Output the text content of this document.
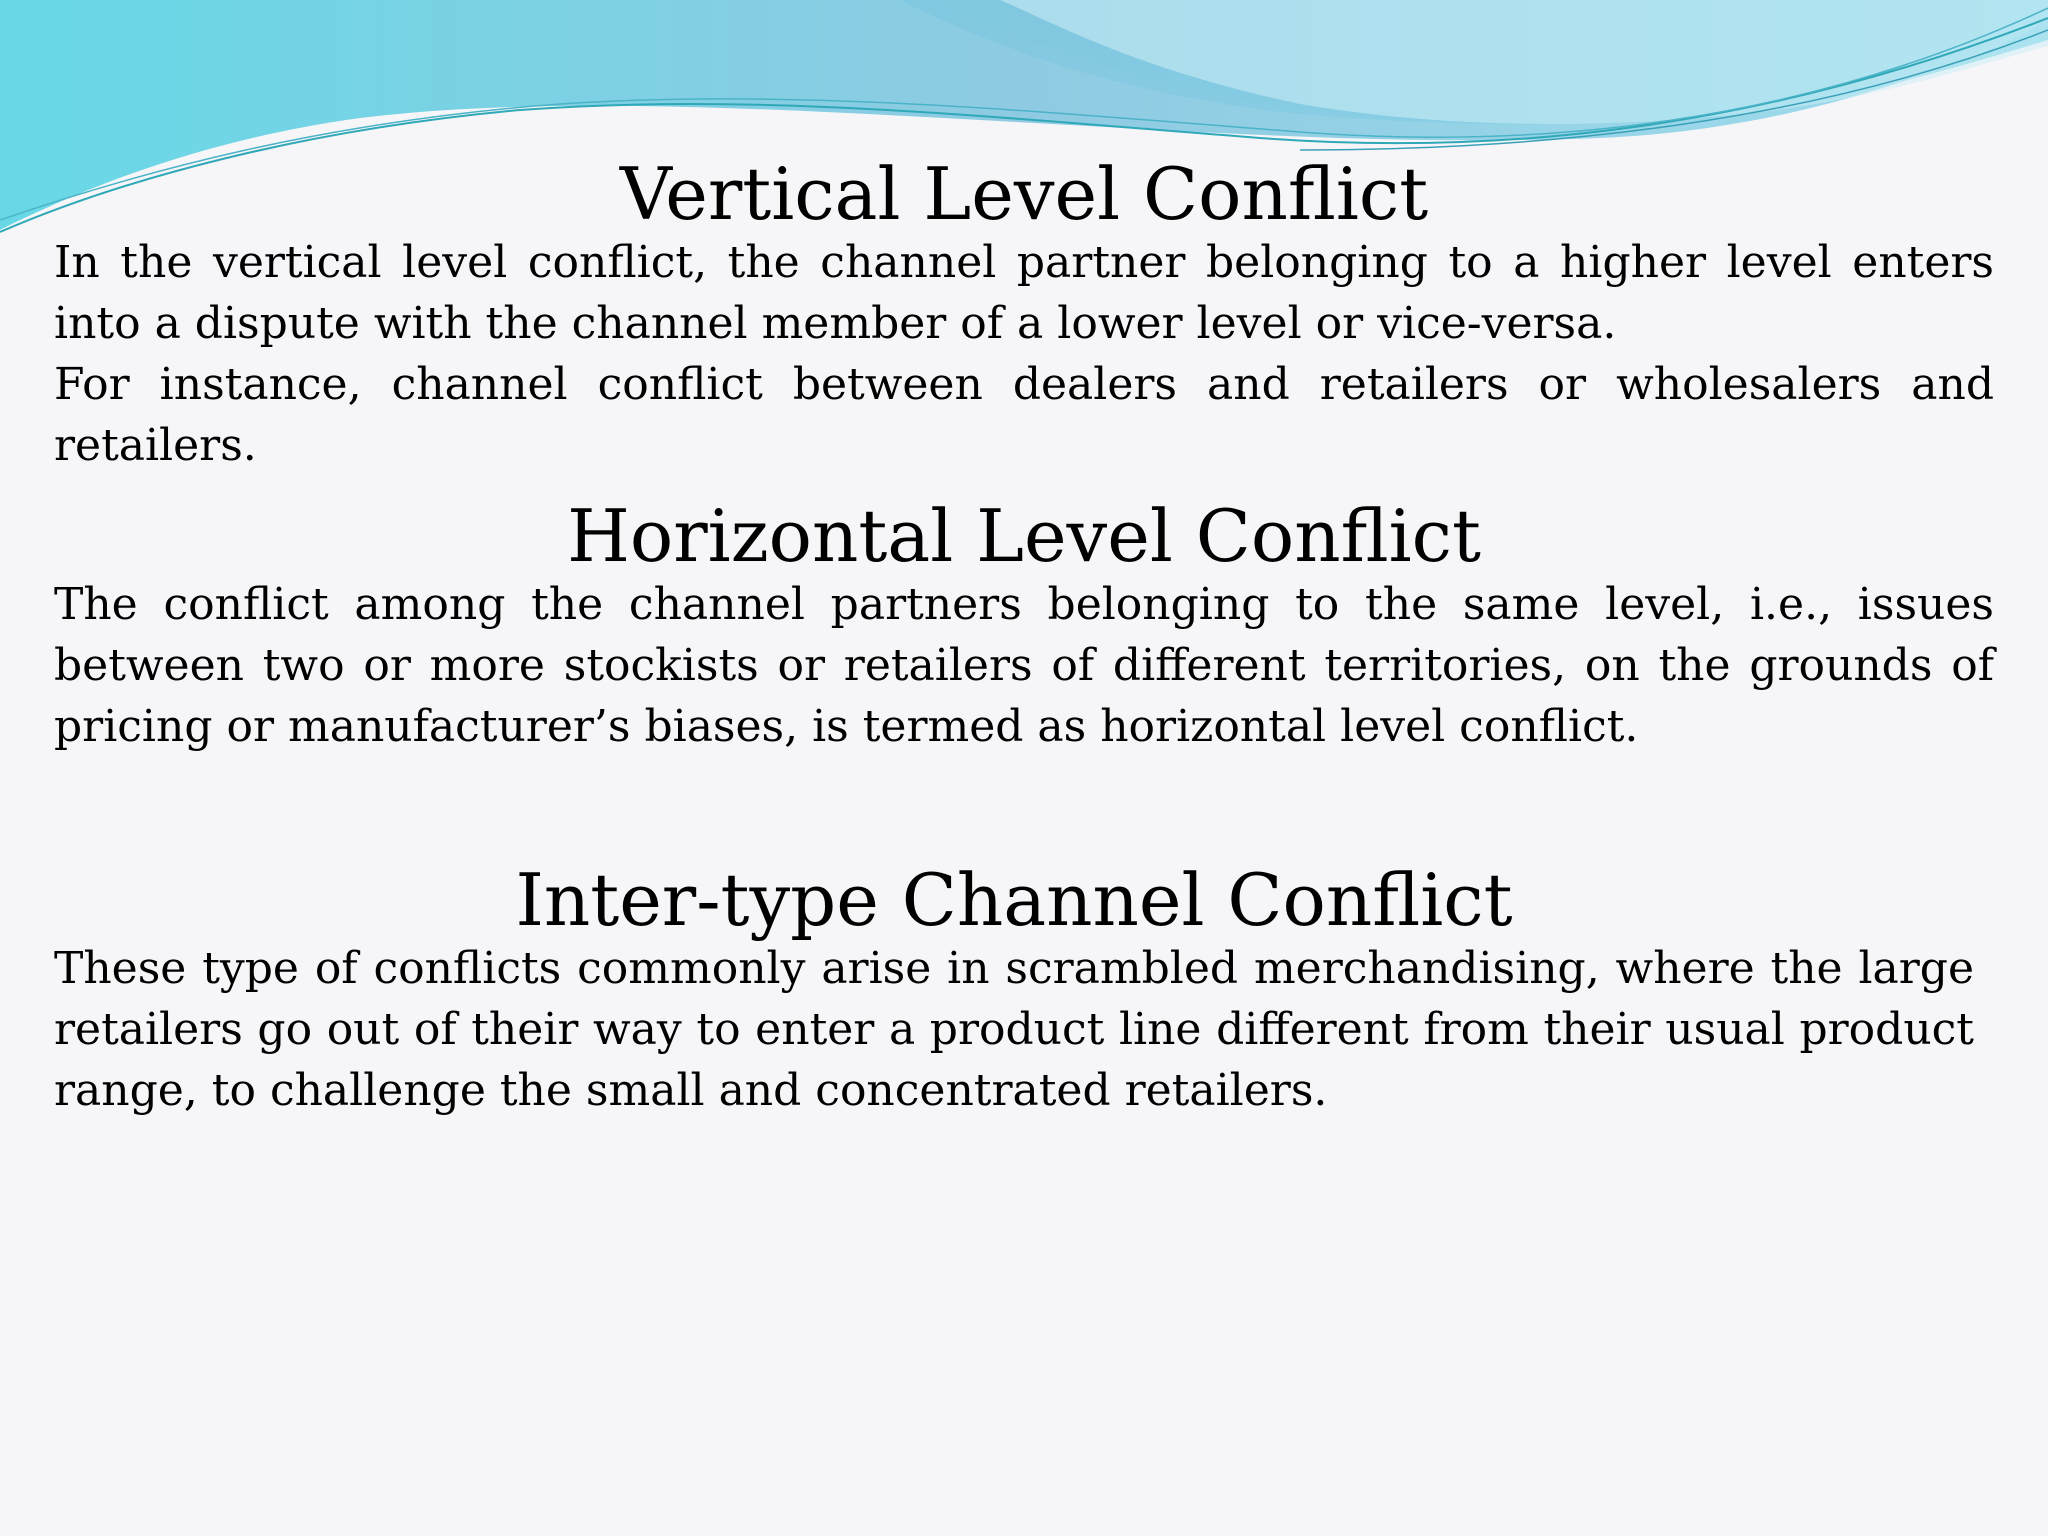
Vertical Level Conflict

In the vertical level conflict, the channel partner belonging to a higher level enters into a dispute with the channel member of a lower level or vice-versa.

For instance, channel conflict between dealers and retailers or wholesalers and retailers.

Horizontal Level Conflict

The conflict among the channel partners belonging to the same level, i.e., issues between two or more stockists or retailers of different territories, on the grounds of pricing or manufacturer’s biases, is termed as horizontal level conflict.

Inter-type Channel Conflict

These type of conflicts commonly arise in scrambled merchandising, where the large retailers go out of their way to enter a product line different from their usual product range, to challenge the small and concentrated retailers.
